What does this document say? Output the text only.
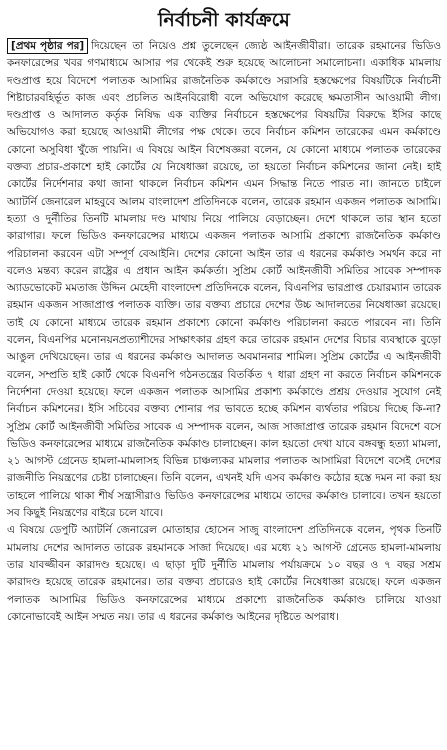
নির্বাচনী কার্যক্রমে

[প্রথম পৃষ্ঠার পর] দিয়েছেন তা নিয়েও প্রশ্ন তুলেছেন জ্যেষ্ঠ আইনজীবীরা। তারেক রহমানের ভিডিও কনফারেন্সের খবর গণমাধ্যমে আসার পর থেকেই শুরু হয়েছে আলোচনা সমালোচনা। একাধিক মামলায় দণ্ডপ্রাপ্ত হয়ে বিদেশে পলাতক আসামির রাজনৈতিক কর্মকাণ্ডে সরাসরি হস্তক্ষেপের বিষয়টিকে নির্বাচনী শিষ্টাচারবহির্ভূত কাজ এবং প্রচলিত আইনবিরোধী বলে অভিযোগ করেছে ক্ষমতাসীন আওয়ামী লীগ। দণ্ডপ্রাপ্ত ও আদালত কর্তৃক নিষিদ্ধ এক ব্যক্তির নির্বাচনে হস্তক্ষেপের বিষয়টির বিরুদ্ধে ইসির কাছে অভিযোগও করা হয়েছে আওয়ামী লীগের পক্ষ থেকে। তবে নির্বাচন কমিশন তারেকের এমন কর্মকাণ্ডে কোনো অসুবিধা খুঁজে পায়নি। এ বিষয়ে আইন বিশেষজ্ঞরা বলেন, যে কোনো মাধ্যমে পলাতক তারেকের বক্তব্য প্রচার-প্রকাশে হাই কোর্টের যে নিষেধাজ্ঞা রয়েছে, তা হয়তো নির্বাচন কমিশনের জানা নেই। হাই কোর্টের নির্দেশনার কথা জানা থাকলে নির্বাচন কমিশন এমন সিদ্ধান্ত নিতে পারত না। জানতে চাইলে অ্যাটর্নি জেনারেল মাহবুবে আলম বাংলাদেশ প্রতিদিনকে বলেন, তারেক রহমান একজন পলাতক আসামি। হত্যা ও দুর্নীতির তিনটি মামলায় দণ্ড মাথায় নিয়ে পালিয়ে বেড়াচ্ছেন। দেশে থাকলে তার স্থান হতো কারাগার। ফলে ভিডিও কনফারেন্সের মাধ্যমে একজন পলাতক আসামি প্রকাশ্যে রাজনৈতিক কর্মকাণ্ড পরিচালনা করবেন এটা সম্পূর্ণ বেআইনি। দেশের কোনো আইন তার এ ধরনের কর্মকাণ্ড সমর্থন করে না বলেও মন্তব্য করেন রাষ্ট্রের এ প্রধান আইন কর্মকর্তা। সুপ্রিম কোর্ট আইনজীবী সমিতির সাবেক সম্পাদক অ্যাডভোকেট মমতাজ উদ্দিন মেহেদী বাংলাদেশ প্রতিদিনকে বলেন, বিএনপির ভারপ্রাপ্ত চেয়ারম্যান তারেক রহমান একজন সাজাপ্রাপ্ত পলাতক ব্যক্তি। তার বক্তব্য প্রচারে দেশের উচ্চ আদালতের নিষেধাজ্ঞা রয়েছে। তাই যে কোনো মাধ্যমে তারেক রহমান প্রকাশ্যে কোনো কর্মকাণ্ড পরিচালনা করতে পারবেন না। তিনি বলেন, বিএনপির মনোনয়নপ্রত্যাশীদের সাক্ষাৎকার গ্রহণ করে তারেক রহমান দেশের বিচার ব্যবস্থাকে বুড়ো আঙুল দেখিয়েছেন। তার এ ধরনের কর্মকাণ্ড আদালত অবমাননার শামিল। সুপ্রিম কোর্টের এ আইনজীবী বলেন, সম্প্রতি হাই কোর্ট থেকে বিএনপি গঠনতন্ত্রের বিতর্কিত ৭ ধারা গ্রহণ না করতে নির্বাচন কমিশনকে নির্দেশনা দেওয়া হয়েছে। ফলে একজন পলাতক আসামির প্রকাশ্য কর্মকাণ্ডে প্রশ্রয় দেওয়ার সুযোগ নেই নির্বাচন কমিশনের। ইসি সচিবের বক্তব্য শোনার পর ভাবতে হচ্ছে কমিশন ব্যর্থতার পরিচয় দিচ্ছে কি-না? সুপ্রিম কোর্ট আইনজীবী সমিতির সাবেক এ সম্পাদক বলেন, আজ সাজাপ্রাপ্ত তারেক রহমান বিদেশে বসে ভিডিও কনফারেন্সের মাধ্যমে রাজনৈতিক কর্মকাণ্ড চালাচ্ছেন। কাল হয়তো দেখা যাবে বঙ্গবন্ধু হত্যা মামলা, ২১ আগস্ট গ্রেনেড হামলা-মামলাসহ বিভিন্ন চাঞ্চল্যকর মামলার পলাতক আসামিরা বিদেশে বসেই দেশের রাজনীতি নিয়ন্ত্রণের চেষ্টা চালাচ্ছেন। তিনি বলেন, এখনই যদি এসব কর্মকাণ্ড কঠোর হস্তে দমন না করা হয় তাহলে পালিয়ে থাকা শীর্ষ সন্ত্রাসীরাও ভিডিও কনফারেন্সের মাধ্যমে তাদের কর্মকাণ্ড চালাবে। তখন হয়তো সব কিছুই নিয়ন্ত্রণের বাইরে চলে যাবে।

এ বিষয়ে ডেপুটি অ্যাটর্নি জেনারেল মোতাহার হোসেন সাজু বাংলাদেশ প্রতিদিনকে বলেন, পৃথক তিনটি মামলায় দেশের আদালত তারেক রহমানকে সাজা দিয়েছে। এর মধ্যে ২১ আগস্ট গ্রেনেড হামলা-মামলায় তার যাবজ্জীবন কারাদণ্ড হয়েছে। এ ছাড়া দুটি দুর্নীতি মামলায় পর্যায়ক্রমে ১০ বছর ও ৭ বছর সশ্রম কারাদণ্ড হয়েছে তারেক রহমানের। তার বক্তব্য প্রচারেও হাই কোর্টের নিষেধাজ্ঞা রয়েছে। ফলে একজন পলাতক আসামির ভিডিও কনফারেন্সের মাধ্যমে প্রকাশ্যে রাজনৈতিক কর্মকাণ্ড চালিয়ে যাওয়া কোনোভাবেই আইন সম্মত নয়। তার এ ধরনের কর্মকাণ্ড আইনের দৃষ্টিতে অপরাধ।
